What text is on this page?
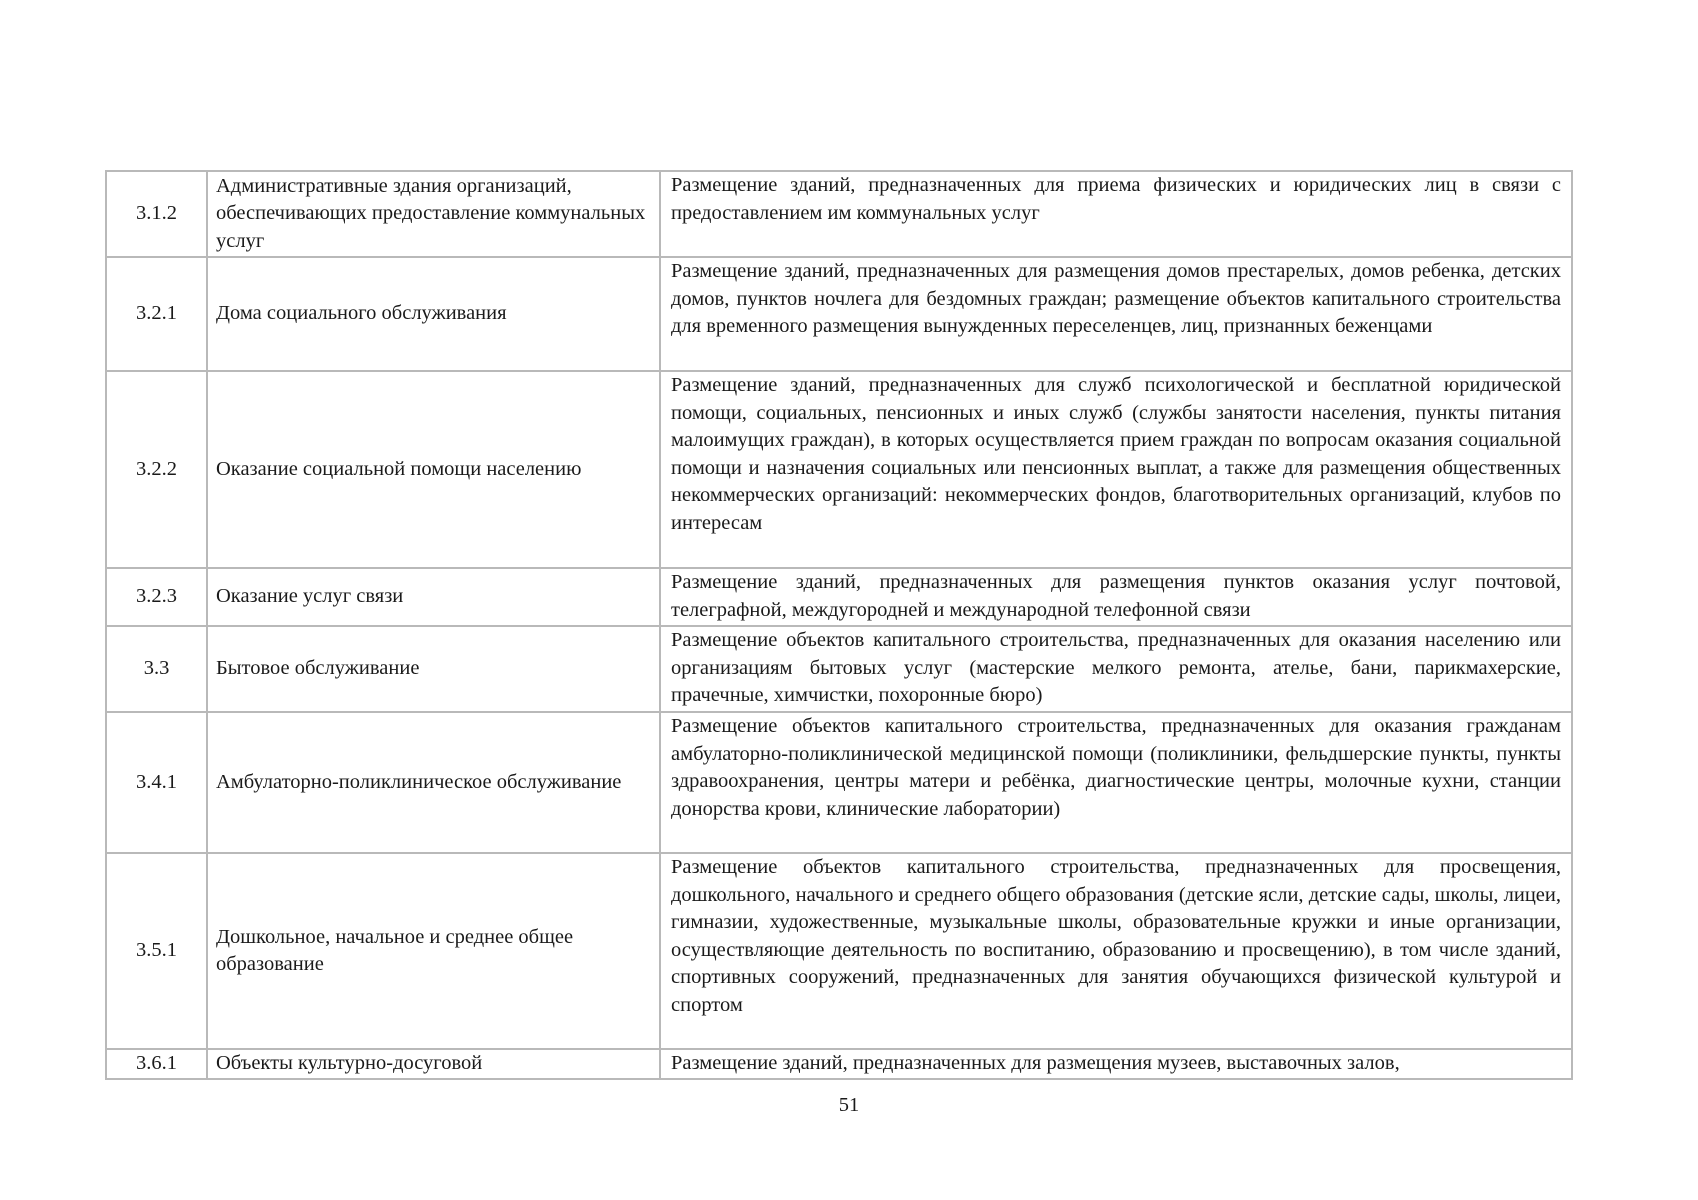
3.1.2	Административные здания организаций, обеспечивающих предоставление коммунальных услуг	Размещение зданий, предназначенных для приема физических и юридических лиц в связи с предоставлением им коммунальных услуг
3.2.1	Дома социального обслуживания	Размещение зданий, предназначенных для размещения домов престарелых, домов ребенка, детских домов, пунктов ночлега для бездомных граждан; размещение объектов капитального строительства для временного размещения вынужденных переселенцев, лиц, признанных беженцами
3.2.2	Оказание социальной помощи населению	Размещение зданий, предназначенных для служб психологической и бесплатной юридической помощи, социальных, пенсионных и иных служб (службы занятости населения, пункты питания малоимущих граждан), в которых осуществляется прием граждан по вопросам оказания социальной помощи и назначения социальных или пенсионных выплат, а также для размещения общественных некоммерческих организаций: некоммерческих фондов, благотворительных организаций, клубов по интересам
3.2.3	Оказание услуг связи	Размещение зданий, предназначенных для размещения пунктов оказания услуг почтовой, телеграфной, междугородней и международной телефонной связи
3.3	Бытовое обслуживание	Размещение объектов капитального строительства, предназначенных для оказания населению или организациям бытовых услуг (мастерские мелкого ремонта, ателье, бани, парикмахерские, прачечные, химчистки, похоронные бюро)
3.4.1	Амбулаторно-поликлиническое обслуживание	Размещение объектов капитального строительства, предназначенных для оказания гражданам амбулаторно-поликлинической медицинской помощи (поликлиники, фельдшерские пункты, пункты здравоохранения, центры матери и ребёнка, диагностические центры, молочные кухни, станции донорства крови, клинические лаборатории)
3.5.1	Дошкольное, начальное и среднее общее образование	Размещение объектов капитального строительства, предназначенных для просвещения, дошкольного, начального и среднего общего образования (детские ясли, детские сады, школы, лицеи, гимназии, художественные, музыкальные школы, образовательные кружки и иные организации, осуществляющие деятельность по воспитанию, образованию и просвещению), в том числе зданий, спортивных сооружений, предназначенных для занятия обучающихся физической культурой и спортом
3.6.1	Объекты культурно-досуговой	Размещение зданий, предназначенных для размещения музеев, выставочных залов,
51
